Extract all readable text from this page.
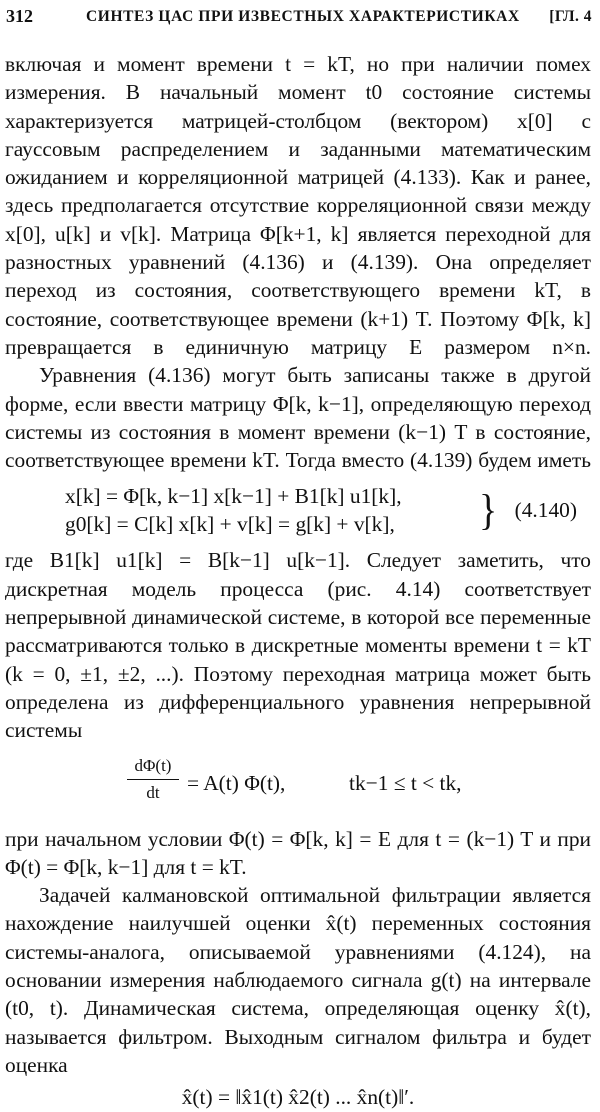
312	СИНТЕЗ ЦАС ПРИ ИЗВЕСТНЫХ ХАРАКТЕРИСТИКАХ [ГЛ. 4

включая и момент времени t = kT, но при наличии помех измерения. В начальный момент t0 состояние системы характеризуется матрицей-столбцом (вектором) x[0] с гауссовым распределением и заданными математическим ожиданием и корреляционной матрицей (4.133). Как и ранее, здесь предполагается отсутствие корреляционной связи между x[0], u[k] и v[k]. Матрица Φ[k+1, k] является переходной для разностных уравнений (4.136) и (4.139). Она определяет переход из состояния, соответствующего времени kT, в состояние, соответствующее времени (k+1) T. Поэтому Φ[k, k] превращается в единичную матрицу E размером n×n.

Уравнения (4.136) могут быть записаны также в другой форме, если ввести матрицу Φ[k, k−1], определяющую переход системы из состояния в момент времени (k−1) T в состояние, соответствующее времени kT. Тогда вместо (4.139) будем иметь

x[k] = Φ[k, k−1] x[k−1] + B1[k] u1[k],
g0[k] = C[k] x[k] + v[k] = g[k] + v[k], } (4.140)

где B1[k] u1[k] = B[k−1] u[k−1]. Следует заметить, что дискретная модель процесса (рис. 4.14) соответствует непрерывной динамической системе, в которой все переменные рассматриваются только в дискретные моменты времени t = kT (k = 0, ±1, ±2, ...). Поэтому переходная матрица может быть определена из дифференциального уравнения непрерывной системы

$\frac{d\Phi(t)}{dt} = A(t)$ Φ(t),	tk−1 ≤ t < tk,

при начальном условии Φ(t) = Φ[k, k] = E для t = (k−1) T и при Φ(t) = Φ[k, k−1] для t = kT.

Задачей калмановской оптимальной фильтрации является нахождение наилучшей оценки x̂(t) переменных состояния системы-аналога, описываемой уравнениями (4.124), на основании измерения наблюдаемого сигнала g(t) на интервале (t0, t). Динамическая система, определяющая оценку x̂(t), называется фильтром. Выходным сигналом фильтра и будет оценка

x̂(t) = ‖x̂1(t) x̂2(t) ... x̂n(t)‖′.
